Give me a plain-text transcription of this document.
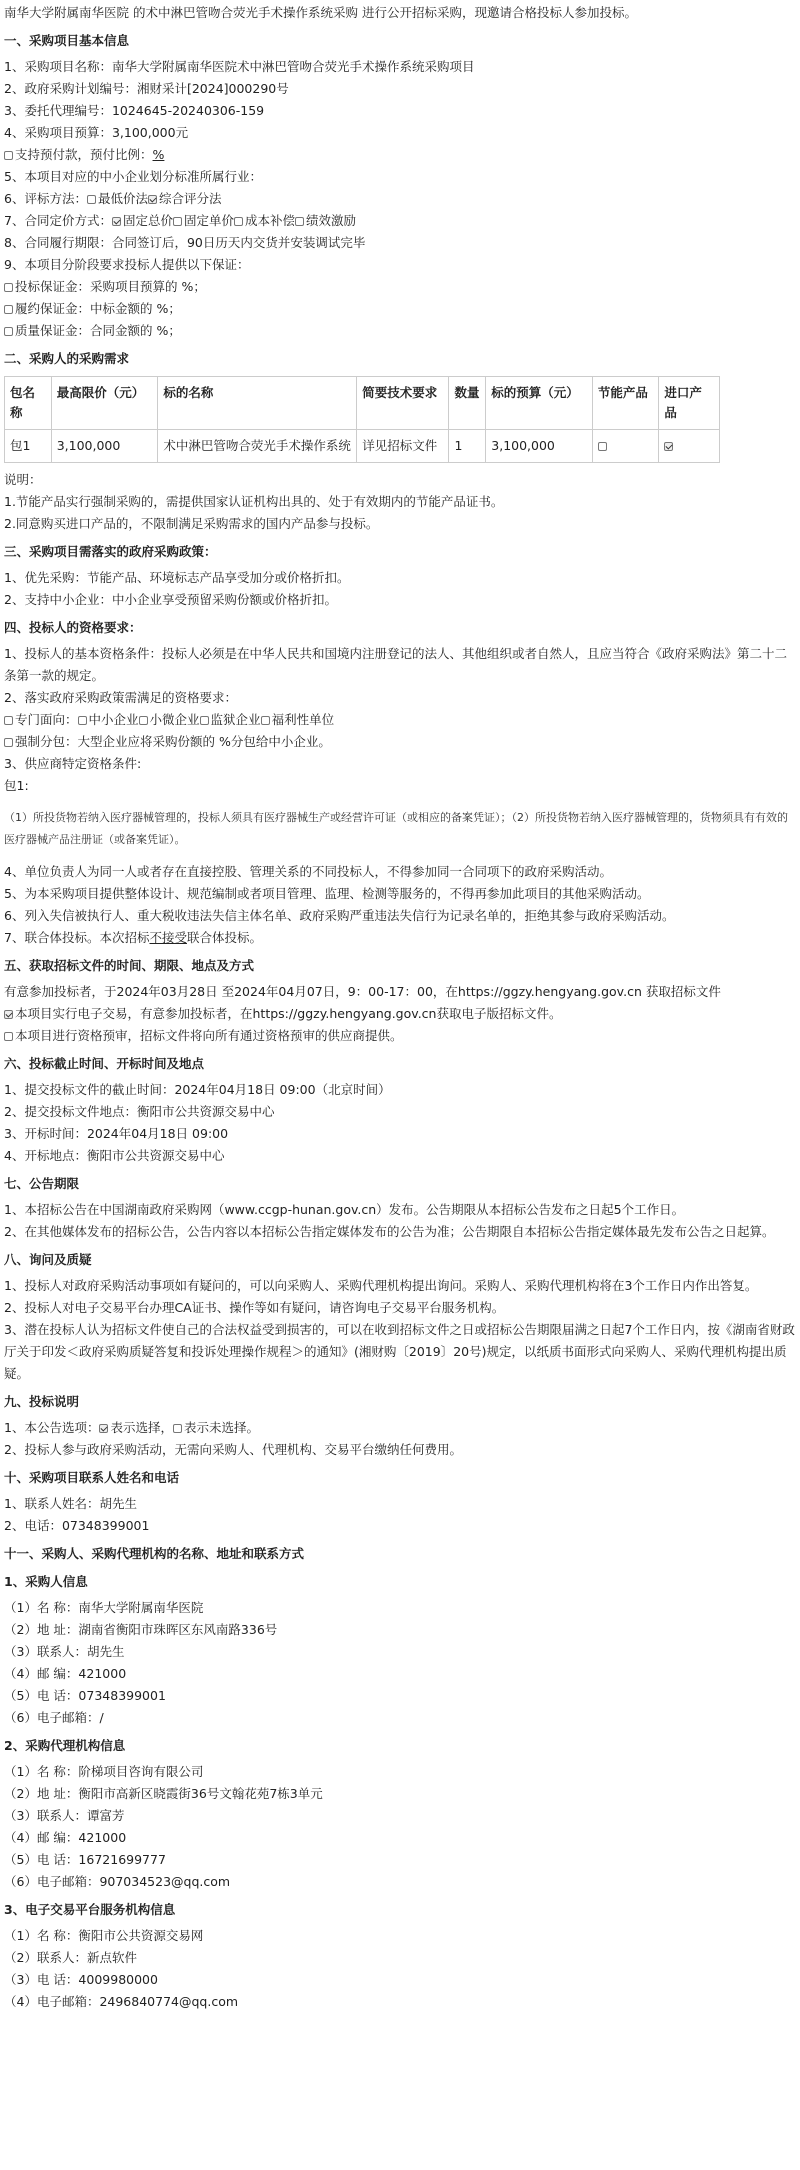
南华大学附属南华医院 的术中淋巴管吻合荧光手术操作系统采购 进行公开招标采购，现邀请合格投标人参加投标。
一、采购项目基本信息
1、采购项目名称：南华大学附属南华医院术中淋巴管吻合荧光手术操作系统采购项目
2、政府采购计划编号：湘财采计[2024]000290号
3、委托代理编号：1024645-20240306-159
4、采购项目预算：3,100,000元
支持预付款，预付比例：%
5、本项目对应的中小企业划分标准所属行业：
6、评标方法： 最低价法 综合评分法
7、合同定价方式： 固定总价 固定单价 成本补偿 绩效激励
8、合同履行期限：合同签订后，90日历天内交货并安装调试完毕
9、本项目分阶段要求投标人提供以下保证：
投标保证金：采购项目预算的 %；
履约保证金：中标金额的 %；
质量保证金：合同金额的 %；
二、采购人的采购需求
包名称	最高限价（元）	标的名称	简要技术要求	数量	标的预算（元）	节能产品	进口产品
包1	3,100,000	术中淋巴管吻合荧光手术操作系统	详见招标文件	1	3,100,000		
说明：
1.节能产品实行强制采购的，需提供国家认证机构出具的、处于有效期内的节能产品证书。
2.同意购买进口产品的，不限制满足采购需求的国内产品参与投标。
三、采购项目需落实的政府采购政策：
1、优先采购：节能产品、环境标志产品享受加分或价格折扣。
2、支持中小企业：中小企业享受预留采购份额或价格折扣。
四、投标人的资格要求：
1、投标人的基本资格条件：投标人必须是在中华人民共和国境内注册登记的法人、其他组织或者自然人，且应当符合《政府采购法》第二十二条第一款的规定。
2、落实政府采购政策需满足的资格要求：
专门面向： 中小企业 小微企业 监狱企业 福利性单位
强制分包：大型企业应将采购份额的 %分包给中小企业。
3、供应商特定资格条件:
包1:
（1）所投货物若纳入医疗器械管理的，投标人须具有医疗器械生产或经营许可证（或相应的备案凭证）；（2）所投货物若纳入医疗器械管理的，货物须具有有效的医疗器械产品注册证（或备案凭证）。
4、单位负责人为同一人或者存在直接控股、管理关系的不同投标人，不得参加同一合同项下的政府采购活动。
5、为本采购项目提供整体设计、规范编制或者项目管理、监理、检测等服务的，不得再参加此项目的其他采购活动。
6、列入失信被执行人、重大税收违法失信主体名单、政府采购严重违法失信行为记录名单的，拒绝其参与政府采购活动。
7、联合体投标。本次招标不接受联合体投标。
五、获取招标文件的时间、期限、地点及方式
有意参加投标者，于2024年03月28日 至2024年04月07日，9：00-17：00，在https://ggzy.hengyang.gov.cn 获取招标文件
本项目实行电子交易，有意参加投标者，在https://ggzy.hengyang.gov.cn获取电子版招标文件。
本项目进行资格预审，招标文件将向所有通过资格预审的供应商提供。
六、投标截止时间、开标时间及地点
1、提交投标文件的截止时间：2024年04月18日 09:00（北京时间）
2、提交投标文件地点：衡阳市公共资源交易中心
3、开标时间：2024年04月18日 09:00
4、开标地点：衡阳市公共资源交易中心
七、公告期限
1、本招标公告在中国湖南政府采购网（www.ccgp-hunan.gov.cn）发布。公告期限从本招标公告发布之日起5个工作日。
2、在其他媒体发布的招标公告，公告内容以本招标公告指定媒体发布的公告为准；公告期限自本招标公告指定媒体最先发布公告之日起算。
八、询问及质疑
1、投标人对政府采购活动事项如有疑问的，可以向采购人、采购代理机构提出询问。采购人、采购代理机构将在3个工作日内作出答复。
2、投标人对电子交易平台办理CA证书、操作等如有疑问，请咨询电子交易平台服务机构。
3、潜在投标人认为招标文件使自己的合法权益受到损害的，可以在收到招标文件之日或招标公告期限届满之日起7个工作日内，按《湖南省财政厅关于印发＜政府采购质疑答复和投诉处理操作规程＞的通知》(湘财购〔2019〕20号)规定，以纸质书面形式向采购人、采购代理机构提出质疑。
九、投标说明
1、本公告选项： 表示选择， 表示未选择。
2、投标人参与政府采购活动，无需向采购人、代理机构、交易平台缴纳任何费用。
十、采购项目联系人姓名和电话
1、联系人姓名：胡先生
2、电话：07348399001
十一、采购人、采购代理机构的名称、地址和联系方式
1、采购人信息
（1）名 称：南华大学附属南华医院
（2）地 址：湖南省衡阳市珠晖区东风南路336号
（3）联系人：胡先生
（4）邮 编：421000
（5）电 话：07348399001
（6）电子邮箱：/
2、采购代理机构信息
（1）名 称：阶梯项目咨询有限公司
（2）地 址：衡阳市高新区晓霞街36号文翰花苑7栋3单元
（3）联系人：谭富芳
（4）邮 编：421000
（5）电 话：16721699777
（6）电子邮箱：907034523@qq.com
3、电子交易平台服务机构信息
（1）名 称：衡阳市公共资源交易网
（2）联系人：新点软件
（3）电 话：4009980000
（4）电子邮箱：2496840774@qq.com
